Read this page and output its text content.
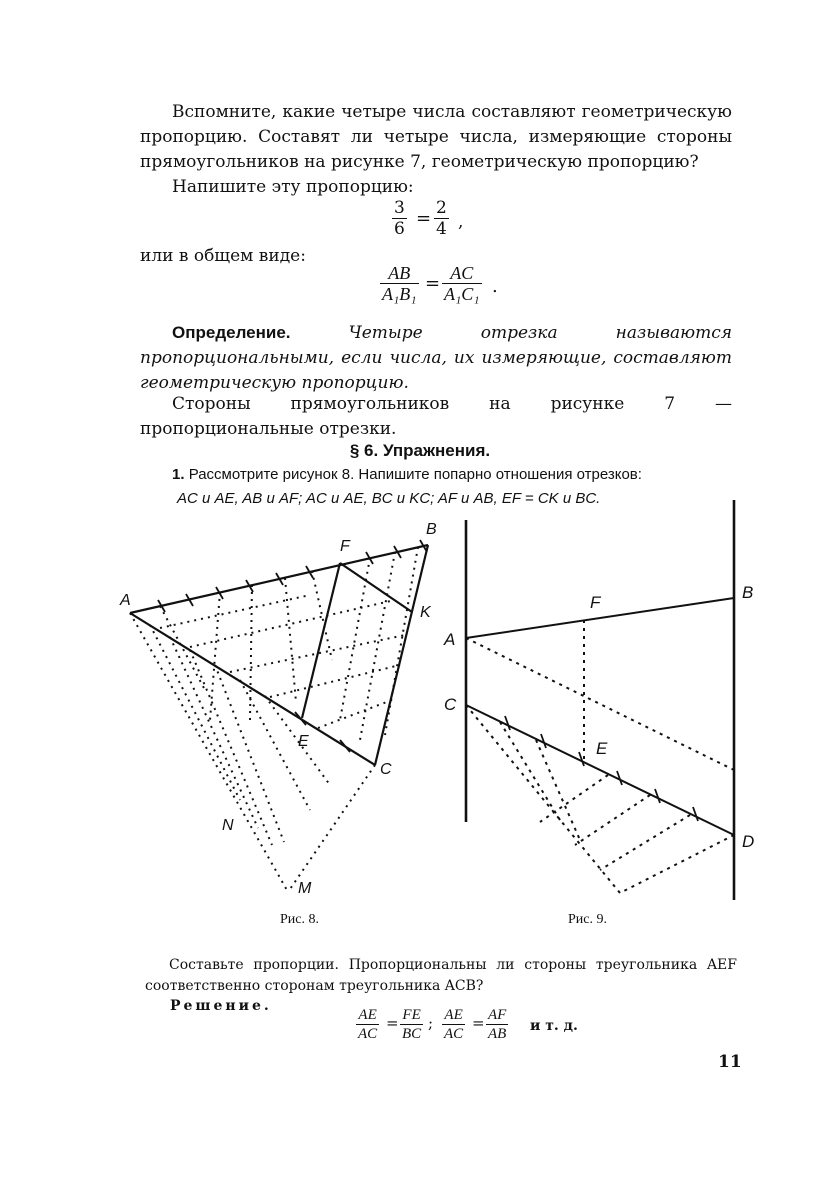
Вспомните, какие четыре числа составляют геометрическую пропорцию. Составят ли четыре числа, измеряющие стороны прямоугольников на рисунке 7, геометрическую пропорцию?
Напишите эту пропорцию:
$\frac{3}{6} = \frac{2}{4}$ ,
или в общем виде:
$\frac{AB}{\text{A₁B₁}} = \frac{AC}{\text{A₁C₁}}$ .
Определение.	Четыре отрезка называются пропорциональными, если числа, их измеряющие, составляют геометрическую пропорцию.
Стороны прямоугольников на рисунке 7 — пропорциональные отрезки.
§ 6. Упражнения.
1. Рассмотрите рисунок 8. Напишите попарно отношения отрезков:
AC и AE, AB и AF; AC и AE, BC и KC; AF и AB, EF = CK и BC.
A
B
F
K
E
C
N
M
A
B
F
C
E
D
Рис. 8.	Рис. 9.
Составьте пропорции. Пропорциональны ли стороны треугольника AEF соответственно сторонам треугольника ACB?
Решение.	$\frac{AE}{AC} = \frac{FE}{BC}$ ; $\frac{AE}{AC} = \frac{AF}{AB}$ и т. д.
11
